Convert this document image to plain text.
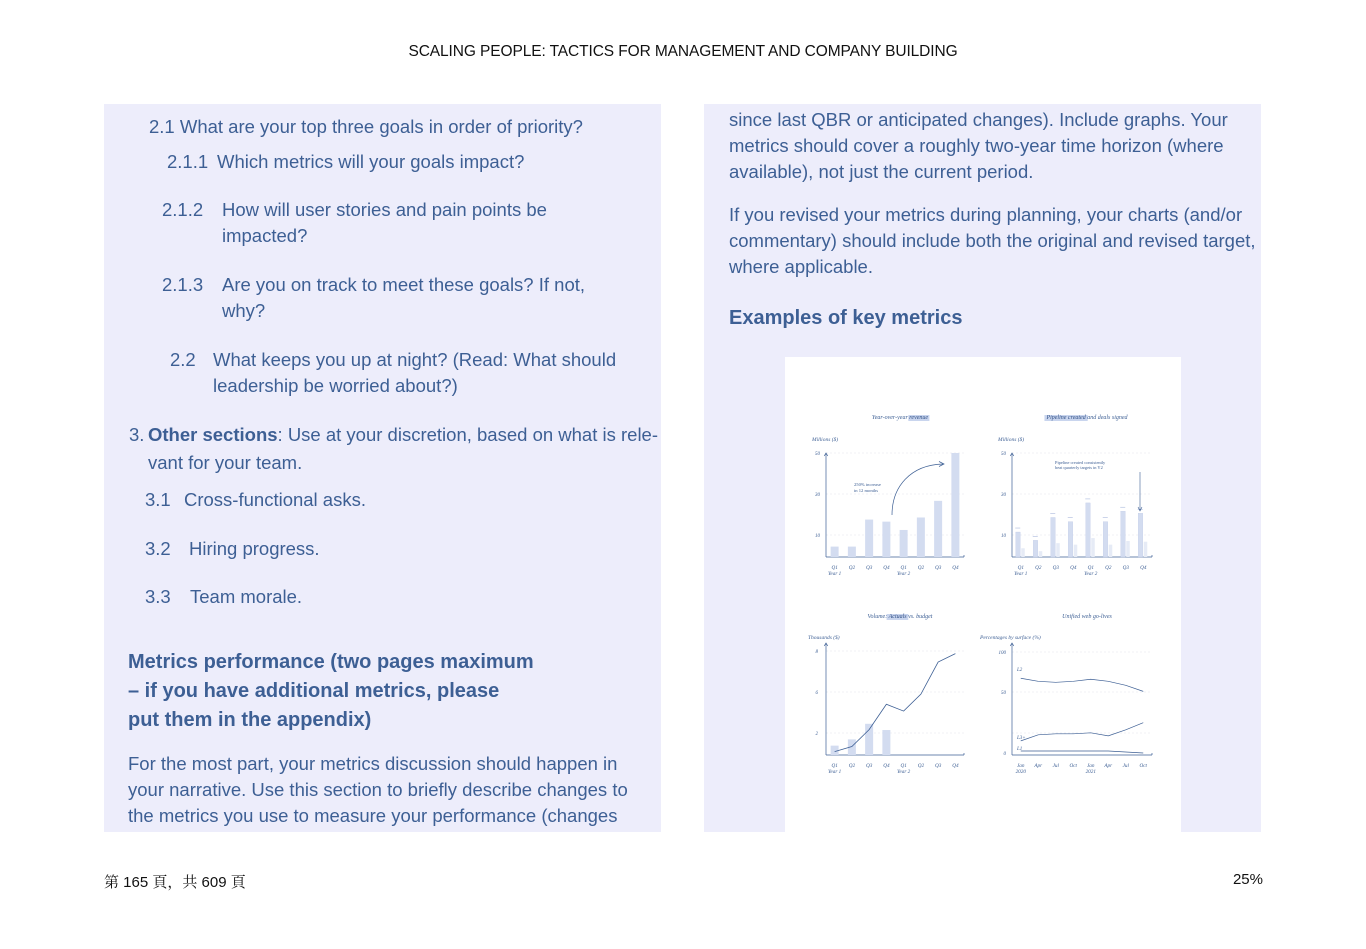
SCALING PEOPLE: TACTICS FOR MANAGEMENT AND COMPANY BUILDING
2.1 What are your top three goals in order of priority?
2.1.1 Which metrics will your goals impact?
2.1.2 How will user stories and pain points be
impacted?
2.1.3 Are you on track to meet these goals? If not,
why?
2.2 What keeps you up at night? (Read: What should
leadership be worried about?)
3. Other sections: Use at your discretion, based on what is rele-
vant for your team.
3.1 Cross-functional asks.
3.2 Hiring progress.
3.3 Team morale.
Metrics performance (two pages maximum
– if you have additional metrics, please
put them in the appendix)
For the most part, your metrics discussion should happen in
your narrative. Use this section to briefly describe changes to
the metrics you use to measure your performance (changes
since last QBR or anticipated changes). Include graphs. Your
metrics should cover a roughly two-year time horizon (where
available), not just the current period.
If you revised your metrics during planning, your charts (and/or
commentary) should include both the original and revised target,
where applicable.
Examples of key metrics
Year-over-year revenue
Millions ($)
50
30
10
Q1 Q2 Q3 Q4 Q1 Q2 Q3 Q4
Year 1	Year 2
250% increase
in 12 months
Pipeline created and deals signed
Millions ($)
50
30
10
Q1 Q2 Q3 Q4 Q1 Q2 Q3 Q4
Year 1	Year 2
Pipeline created consistently
beat quarterly targets in Y2
Volume: Actuals vs. budget
Thousands ($)
8
6
2
Q1 Q2 Q3 Q4 Q1 Q2 Q3 Q4
Year 1	Year 2
Unified web go-lives
Percentages by surface (%)
100
50
0
Jan Apr Jul Oct Jan Apr Jul Oct
2020	2021
L2
L3+
L1
第 165 頁，共 609 頁	25%
